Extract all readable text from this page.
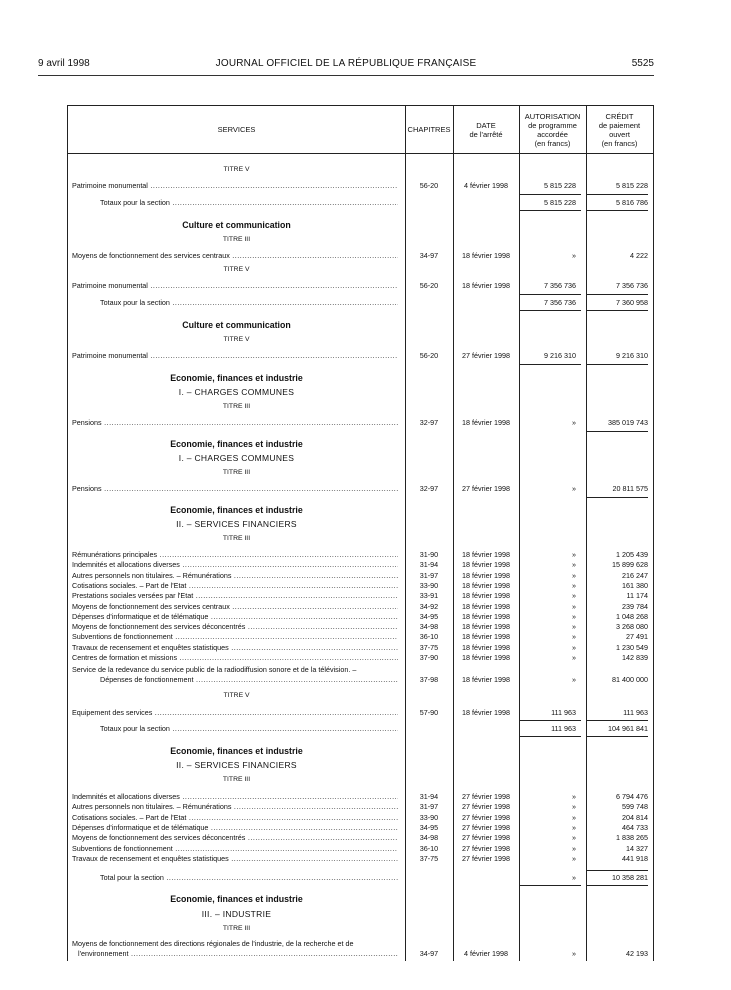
9 avril 1998	JOURNAL OFFICIEL DE LA RÉPUBLIQUE FRANÇAISE	5525
SERVICES	CHAPITRES	DATE
de l'arrêté
AUTORISATION
de programme
accordée
(en francs)
CRÉDIT
de paiement
ouvert
(en francs)
TITRE V
Patrimoine monumental .....	56-20	4 février 1998	5 815 228	5 815 228
Totaux pour la section .....	5 815 228	5 816 786
Culture et communication
TITRE III
Moyens de fonctionnement des services centraux .....	34-97	18 février 1998	»	4 222
TITRE V
Patrimoine monumental .....	56-20	18 février 1998	7 356 736	7 356 736
Totaux pour la section .....	7 356 736	7 360 958
Culture et communication
TITRE V
Patrimoine monumental .....	56-20	27 février 1998	9 216 310	9 216 310
Economie, finances et industrie
I. – CHARGES COMMUNES
TITRE III
Pensions .....	32-97	18 février 1998	»	385 019 743
Economie, finances et industrie
I. – CHARGES COMMUNES
TITRE III
Pensions .....	32-97	27 février 1998	»	20 811 575
Economie, finances et industrie
II. – SERVICES FINANCIERS
TITRE III
Rémunérations principales .....	31-90	18 février 1998	»	1 205 439
Indemnités et allocations diverses .....	31-94	18 février 1998	»	15 899 628
Autres personnels non titulaires. – Rémunérations .....	31-97	18 février 1998	»	216 247
Cotisations sociales. – Part de l'Etat .....	33-90	18 février 1998	»	161 380
Prestations sociales versées par l'Etat .....	33-91	18 février 1998	»	11 174
Moyens de fonctionnement des services centraux .....	34-92	18 février 1998	»	239 784
Dépenses d'informatique et de télématique .....	34-95	18 février 1998	»	1 048 268
Moyens de fonctionnement des services déconcentrés .....	34-98	18 février 1998	»	3 268 080
Subventions de fonctionnement .....	36-10	18 février 1998	»	27 491
Travaux de recensement et enquêtes statistiques .....	37-75	18 février 1998	»	1 230 549
Centres de formation et missions .....	37-90	18 février 1998	»	142 839
Service de la redevance du service public de la radiodiffusion sonore et de la télévision. –
Dépenses de fonctionnement .....	37-98	18 février 1998	»	81 400 000
TITRE V
Equipement des services .....	57-90	18 février 1998	111 963	111 963
Totaux pour la section .....	111 963	104 961 841
Economie, finances et industrie
II. – SERVICES FINANCIERS
TITRE III
Indemnités et allocations diverses .....	31-94	27 février 1998	»	6 794 476
Autres personnels non titulaires. – Rémunérations .....	31-97	27 février 1998	»	599 748
Cotisations sociales. – Part de l'Etat .....	33-90	27 février 1998	»	204 814
Dépenses d'informatique et de télématique .....	34-95	27 février 1998	»	464 733
Moyens de fonctionnement des services déconcentrés .....	34-98	27 février 1998	»	1 838 265
Subventions de fonctionnement .....	36-10	27 février 1998	»	14 327
Travaux de recensement et enquêtes statistiques .....	37-75	27 février 1998	»	441 918
Total pour la section .....	»	10 358 281
Economie, finances et industrie
III. – INDUSTRIE
TITRE III
Moyens de fonctionnement des directions régionales de l'industrie, de la recherche et de
l'environnement .....	34-97	4 février 1998	»	42 193
